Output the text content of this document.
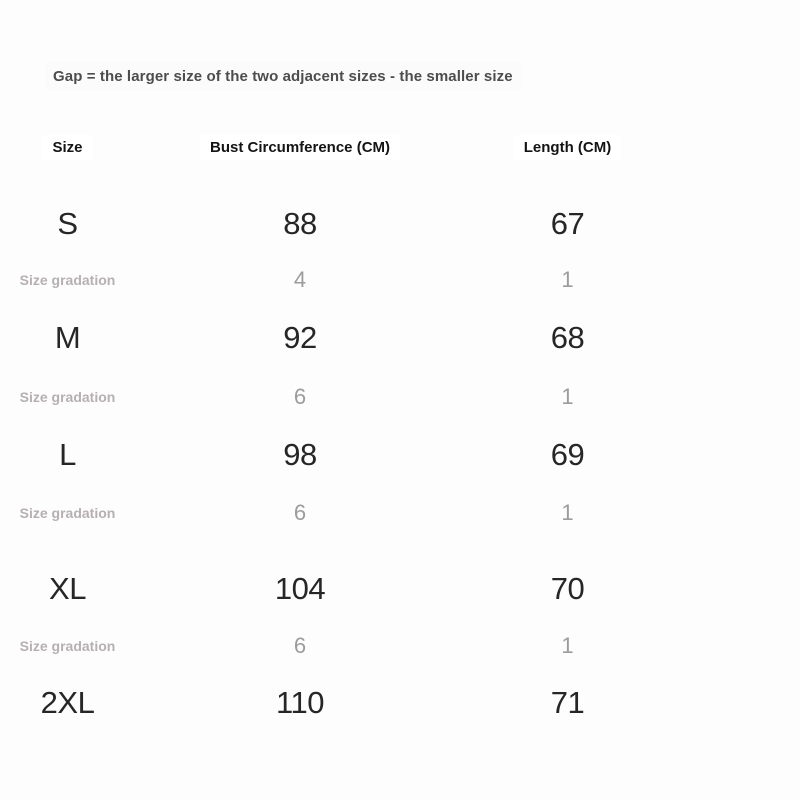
Gap = the larger size of the two adjacent sizes - the smaller size
Size	Bust Circumference (CM)	Length (CM)
S	88	67
Size gradation	4	1
M	92	68
Size gradation	6	1
L	98	69
Size gradation	6	1
XL	104	70
Size gradation	6	1
2XL	110	71
